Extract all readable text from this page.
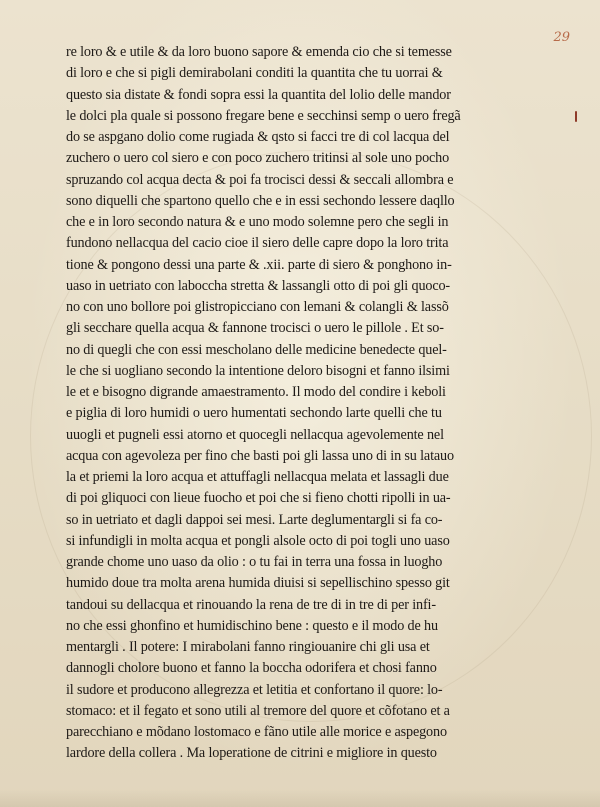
29
re loro & e utile & da loro buono sapore & emenda cio che si temesse
di loro e che si pigli demirabolani conditi la quantita che tu uorrai &
questo sia distate & fondi sopra essi la quantita del lolio delle mandor
le dolci pla quale si possono fregare bene e secchinsi semp o uero fregã
do se aspgano dolio come rugiada & qsto si facci tre di col lacqua del
zuchero o uero col siero e con poco zuchero tritinsi al sole uno pocho
spruzando col acqua decta & poi fa trocisci dessi & seccali allombra e
sono diquelli che spartono quello che e in essi sechondo lessere daqllo
che e in loro secondo natura & e uno modo solemne pero che segli in
fundono nellacqua del cacio cioe il siero delle capre dopo la loro trita
tione & pongono dessi una parte & .xii. parte di siero & ponghono in-
uaso in uetriato con laboccha stretta & lassangli otto di poi gli quoco-
no con uno bollore poi glistropicciano con lemani & colangli & lassõ
gli secchare quella acqua & fannone trocisci o uero le pillole . Et so-
no di quegli che con essi mescholano delle medicine benedecte quel-
le che si uogliano secondo la intentione deloro bisogni et fanno ilsimi
le et e bisogno digrande amaestramento. Il modo del condire i keboli
e piglia di loro humidi o uero humentati sechondo larte quelli che tu
uuogli et pugneli essi atorno et quocegli nellacqua agevolemente nel
acqua con agevoleza per fino che basti poi gli lassa uno di in su latauo
la et priemi la loro acqua et attuffagli nellacqua melata et lassagli due
di poi gliquoci con lieue fuocho et poi che si fieno chotti ripolli in ua-
so in uetriato et dagli dappoi sei mesi. Larte deglumentargli si fa co-
si infundigli in molta acqua et pongli alsole octo di poi togli uno uaso
grande chome uno uaso da olio : o tu fai in terra una fossa in luogho
humido doue tra molta arena humida diuisi si sepellischino spesso git
tandoui su dellacqua et rinouando la rena de tre di in tre di per infi-
no che essi ghonfino et humidischino bene : questo e il modo de hu
mentargli . Il potere: I mirabolani fanno ringiouanire chi gli usa et
dannogli cholore buono et fanno la boccha odorifera et chosi fanno
il sudore et producono allegrezza et letitia et confortano il quore: lo-
stomaco: et il fegato et sono utili al tremore del quore et cõfotano et a
parecchiano e mõdano lostomaco e fãno utile alle morice e aspegono
lardore della collera . Ma loperatione de citrini e migliore in questo
